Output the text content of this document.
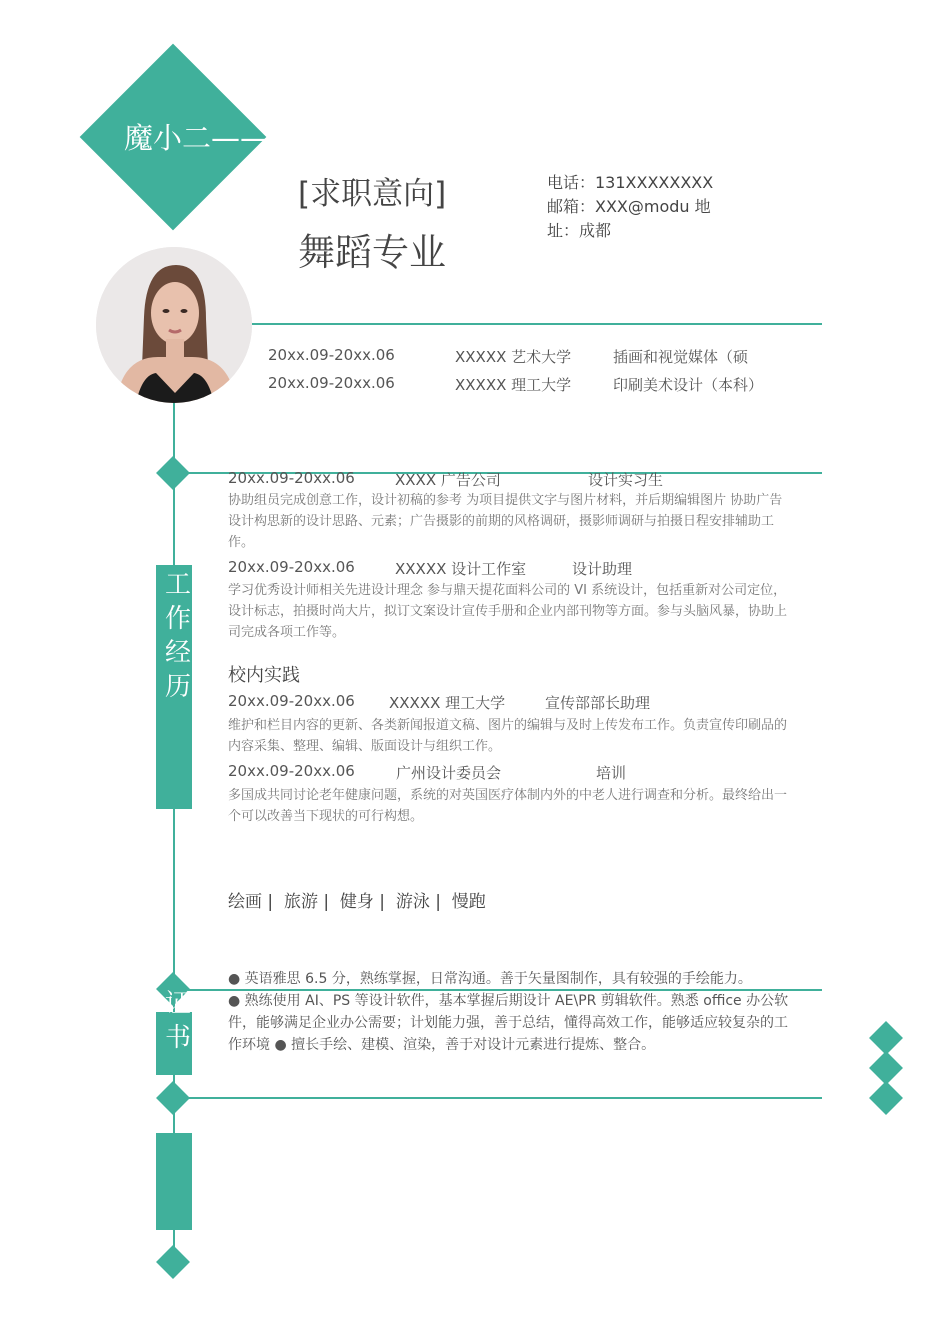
魔小二——
[求职意向]
舞蹈专业
电话：131XXXXXXXX
邮箱：XXX@modu 地
址：成都
20xx.09-20xx.06	XXXXX 艺术大学	插画和视觉媒体（硕
20xx.09-20xx.06	XXXXX 理工大学	印刷美术设计（本科）
工作经历
20xx.09-20xx.06	XXXX 广告公司	设计实习生
协助组员完成创意工作，设计初稿的参考 为项目提供文字与图片材料，并后期编辑图片 协助广告设计构思新的设计思路、元素；广告摄影的前期的风格调研，摄影师调研与拍摄日程安排辅助工作。
20xx.09-20xx.06	XXXXX 设计工作室	设计助理
学习优秀设计师相关先进设计理念 参与鼎天提花面料公司的 VI 系统设计，包括重新对公司定位，设计标志，拍摄时尚大片，拟订文案设计宣传手册和企业内部刊物等方面。参与头脑风暴，协助上司完成各项工作等。
校内实践
20xx.09-20xx.06 XXXXX 理工大学	宣传部部长助理
维护和栏目内容的更新、各类新闻报道文稿、图片的编辑与及时上传发布工作。负责宣传印刷品的内容采集、整理、编辑、版面设计与组织工作。
20xx.09-20xx.06	广州设计委员会	培训
多国成共同讨论老年健康问题，系统的对英国医疗体制内外的中老人进行调查和分析。最终给出一个可以改善当下现状的可行构想。
绘画 |  旅游 |  健身 |  游泳 |  慢跑
证书
● 英语雅思 6.5 分，熟练掌握，日常沟通。善于矢量图制作，具有较强的手绘能力。
● 熟练使用 AI、PS 等设计软件，基本掌握后期设计 AE\PR 剪辑软件。熟悉 office 办公软件，能够满足企业办公需要；计划能力强，善于总结，懂得高效工作，能够适应较复杂的工作环境 ● 擅长手绘、建模、渲染，善于对设计元素进行提炼、整合。
